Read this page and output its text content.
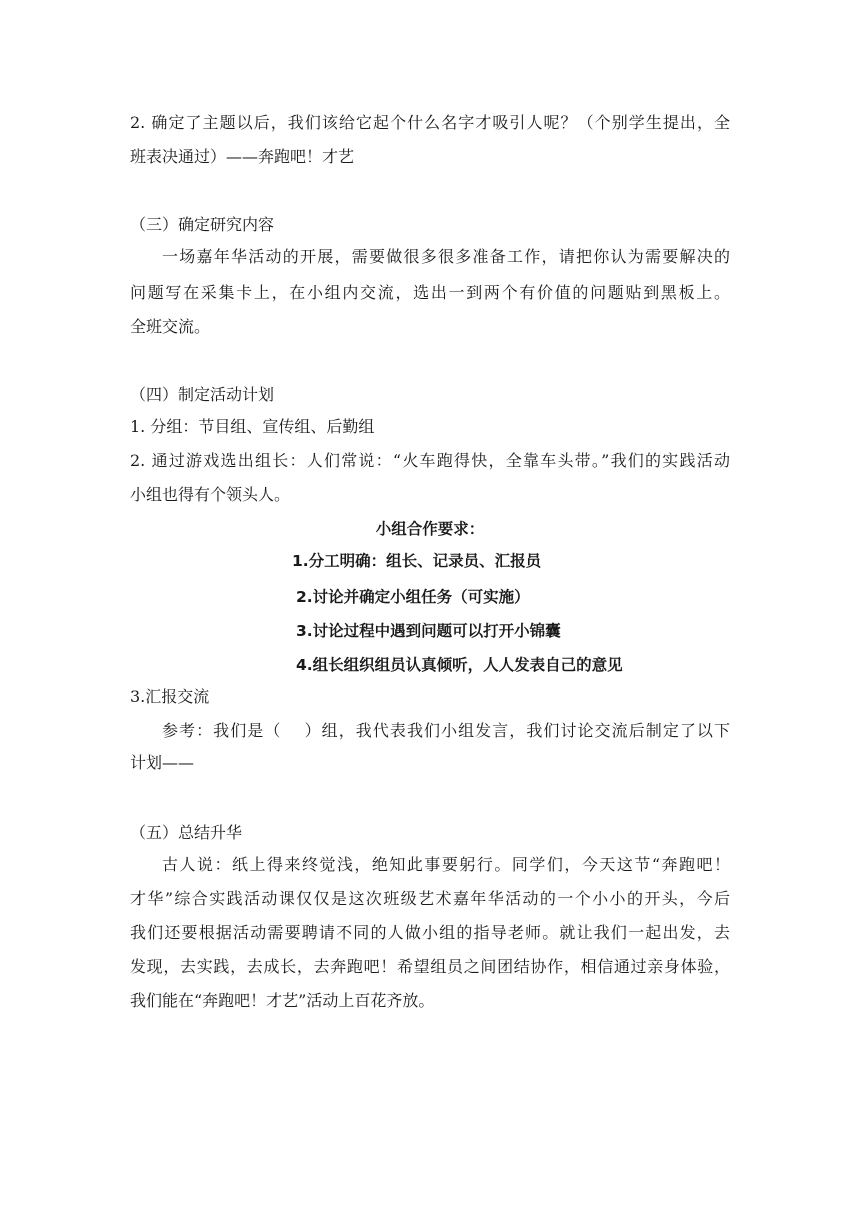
2. 确定了主题以后，我们该给它起个什么名字才吸引人呢？（个别学生提出，全
班表决通过）——奔跑吧！才艺
（三）确定研究内容
一场嘉年华活动的开展，需要做很多很多准备工作，请把你认为需要解决的
问题写在采集卡上，在小组内交流，选出一到两个有价值的问题贴到黑板上。
全班交流。
（四）制定活动计划
1. 分组：节目组、宣传组、后勤组
2. 通过游戏选出组长：人们常说：“火车跑得快，全靠车头带。”我们的实践活动
小组也得有个领头人。
小组合作要求：
1.分工明确：组长、记录员、汇报员
2.讨论并确定小组任务（可实施）
3.讨论过程中遇到问题可以打开小锦囊
4.组长组织组员认真倾听，人人发表自己的意见
3.汇报交流
参考：我们是（　 ）组，我代表我们小组发言，我们讨论交流后制定了以下
计划——
（五）总结升华
古人说：纸上得来终觉浅，绝知此事要躬行。同学们，今天这节“奔跑吧！
才华”综合实践活动课仅仅是这次班级艺术嘉年华活动的一个小小的开头，今后
我们还要根据活动需要聘请不同的人做小组的指导老师。就让我们一起出发，去
发现，去实践，去成长，去奔跑吧！希望组员之间团结协作，相信通过亲身体验，
我们能在“奔跑吧！才艺”活动上百花齐放。
